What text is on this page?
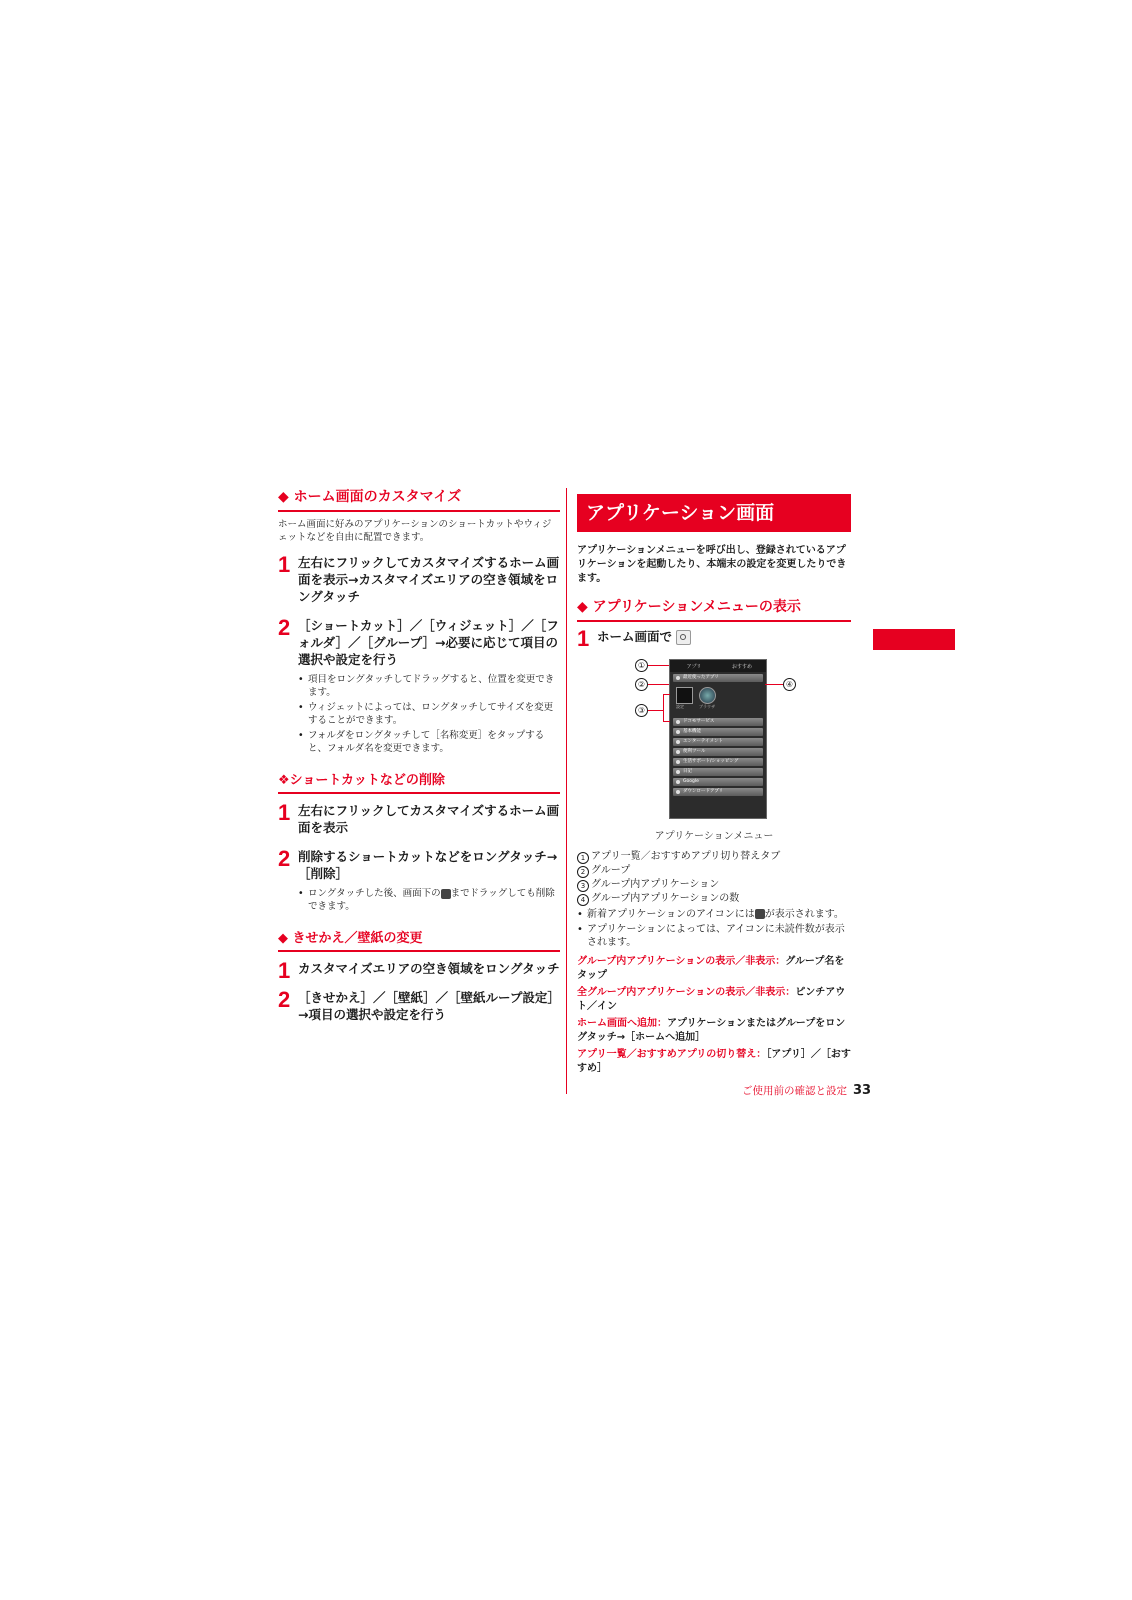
◆ ホーム画面のカスタマイズ
ホーム画面に好みのアプリケーションのショートカットやウィジェットなどを自由に配置できます。
1 左右にフリックしてカスタマイズするホーム画面を表示→カスタマイズエリアの空き領域をロングタッチ
2 ［ショートカット］／［ウィジェット］／［フォルダ］／［グループ］→必要に応じて項目の選択や設定を行う
• 項目をロングタッチしてドラッグすると、位置を変更できます。
• ウィジェットによっては、ロングタッチしてサイズを変更することができます。
• フォルダをロングタッチして［名称変更］をタップすると、フォルダ名を変更できます。
❖ショートカットなどの削除
1 左右にフリックしてカスタマイズするホーム画面を表示
2 削除するショートカットなどをロングタッチ→［削除］
• ロングタッチした後、画面下の までドラッグしても削除できます。
◆ きせかえ／壁紙の変更
1 カスタマイズエリアの空き領域をロングタッチ
2 ［きせかえ］／［壁紙］／［壁紙ループ設定］→項目の選択や設定を行う
アプリケーション画面
アプリケーションメニューを呼び出し、登録されているアプリケーションを起動したり、本端末の設定を変更したりできます。
◆ アプリケーションメニューの表示
1 ホーム画面で
アプリ	おすすめ
最近使ったアプリ
設定	ブラウザ
ドコモサービス
基本機能
エンターテイメント
便利ツール
生活サポート/ショッピング
日記
Google
ダウンロードアプリ
①
②
③
④
アプリケーションメニュー
1 アプリ一覧／おすすめアプリ切り替えタブ
2 グループ
3 グループ内アプリケーション
4 グループ内アプリケーションの数
• 新着アプリケーションのアイコンには が表示されます。
• アプリケーションによっては、アイコンに未読件数が表示されます。
グループ内アプリケーションの表示／非表示：グループ名をタップ
全グループ内アプリケーションの表示／非表示：ピンチアウト／イン
ホーム画面へ追加：アプリケーションまたはグループをロングタッチ→［ホームへ追加］
アプリ一覧／おすすめアプリの切り替え：［アプリ］／［おすすめ］
ご使用前の確認と設定 33
